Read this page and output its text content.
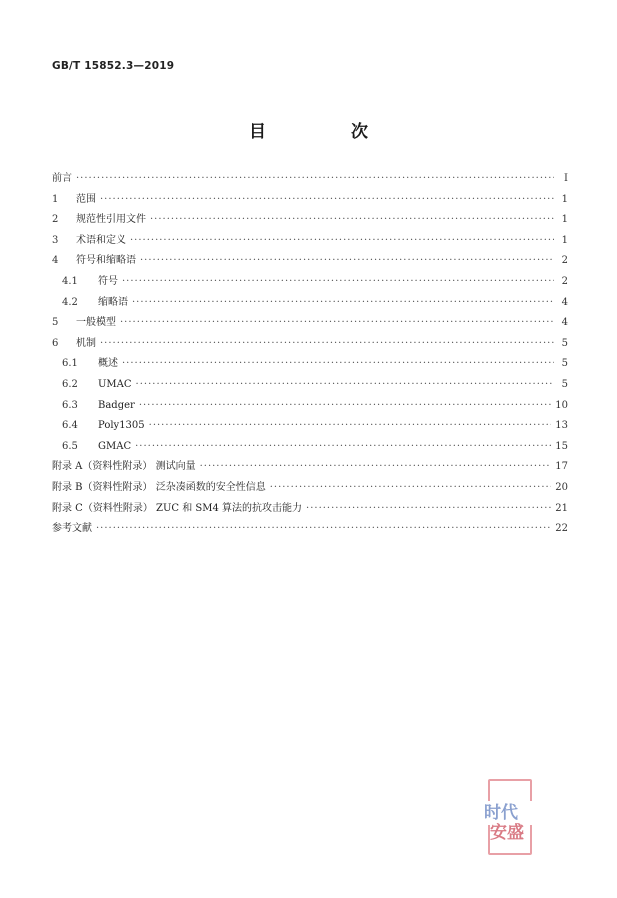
GB/T 15852.3—2019
目　次
前言 ·····	Ⅰ
1	范围 ·····	1
2	规范性引用文件 ·····	1
3	术语和定义 ·····	1
4	符号和缩略语 ·····	2
4.1	符号 ·····	2
4.2	缩略语 ·····	4
5	一般模型 ·····	4
6	机制 ·····	5
6.1	概述 ·····	5
6.2	UMAC ·····	5
6.3	Badger ·····	10
6.4	Poly1305 ·····	13
6.5	GMAC ·····	15
附录 A（资料性附录） 测试向量 ·····	17
附录 B（资料性附录） 泛杂凑函数的安全性信息 ·····	20
附录 C（资料性附录） ZUC 和 SM4 算法的抗攻击能力 ·····	21
参考文献 ·····	22
时代
安盛
